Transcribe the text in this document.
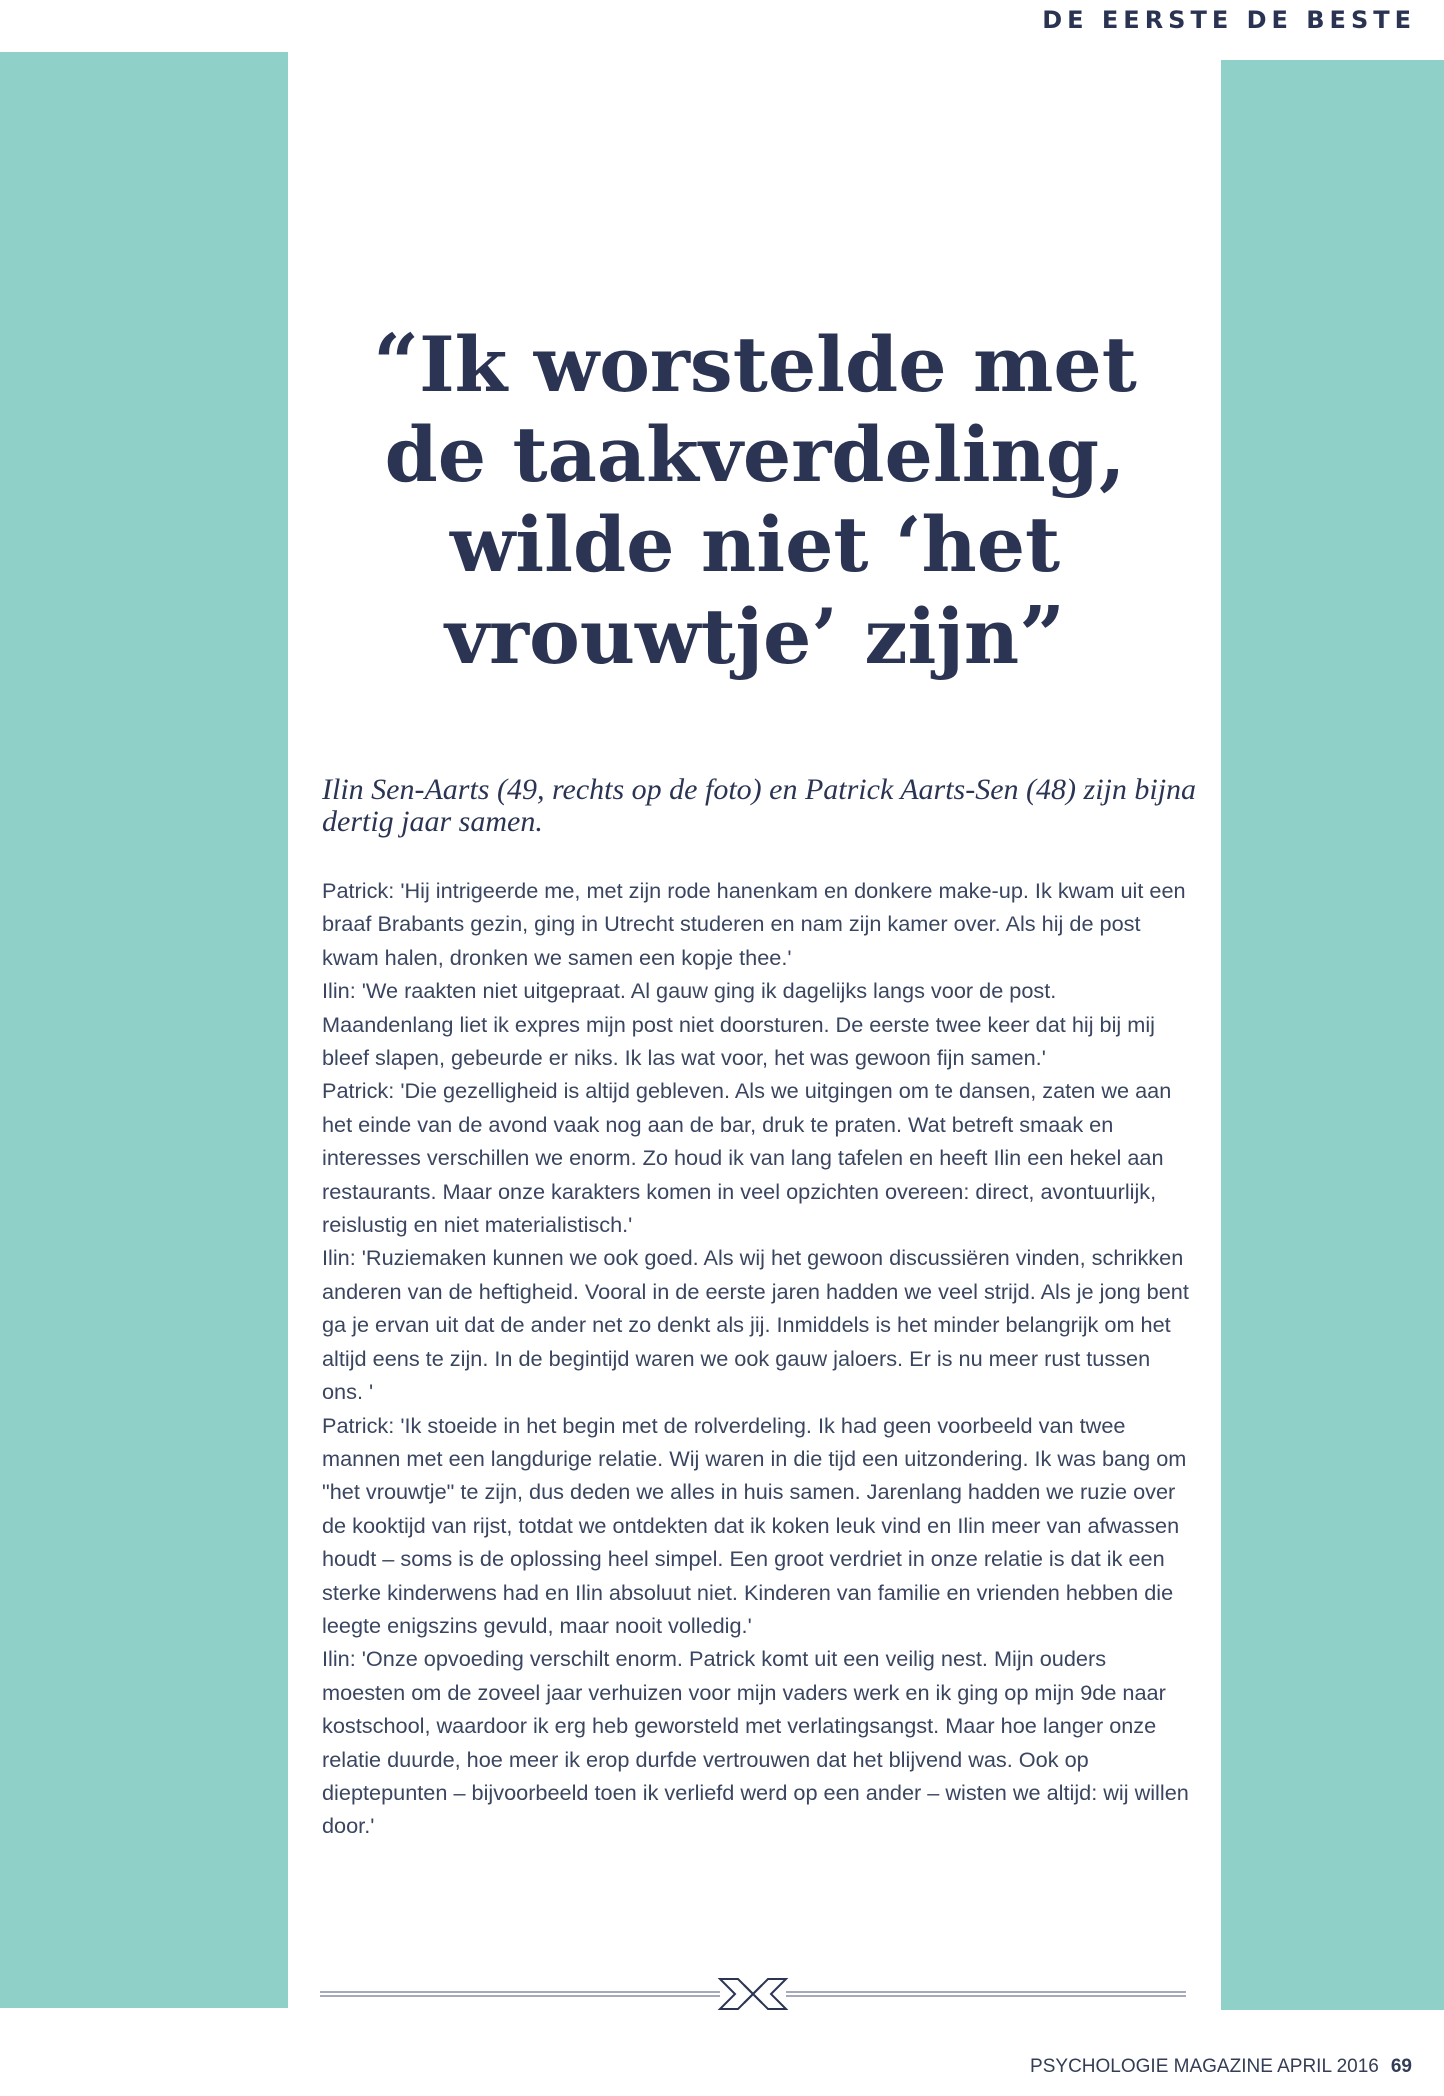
DE EERSTE DE BESTE
“Ik worstelde met
de taakverdeling,
wilde niet ‘het
vrouwtje’ zijn”

Ilin Sen-Aarts (49, rechts op de foto) en Patrick Aarts-Sen (48) zijn bijna dertig jaar samen.

Patrick: 'Hij intrigeerde me, met zijn rode hanenkam en donkere make-up. Ik kwam uit een braaf Brabants gezin, ging in Utrecht studeren en nam zijn kamer over. Als hij de post kwam halen, dronken we samen een kopje thee.'

Ilin: 'We raakten niet uitgepraat. Al gauw ging ik dagelijks langs voor de post. Maandenlang liet ik expres mijn post niet doorsturen. De eerste twee keer dat hij bij mij bleef slapen, gebeurde er niks. Ik las wat voor, het was gewoon fijn samen.'

Patrick: 'Die gezelligheid is altijd gebleven. Als we uitgingen om te dansen, zaten we aan het einde van de avond vaak nog aan de bar, druk te praten. Wat betreft smaak en interesses verschillen we enorm. Zo houd ik van lang tafelen en heeft Ilin een hekel aan restaurants. Maar onze karakters komen in veel opzichten overeen: direct, avontuurlijk, reislustig en niet materialistisch.'

Ilin: 'Ruziemaken kunnen we ook goed. Als wij het gewoon discussiëren vinden, schrikken anderen van de heftigheid. Vooral in de eerste jaren hadden we veel strijd. Als je jong bent ga je ervan uit dat de ander net zo denkt als jij. Inmiddels is het minder belangrijk om het altijd eens te zijn. In de begintijd waren we ook gauw jaloers. Er is nu meer rust tussen ons. '

Patrick: 'Ik stoeide in het begin met de rolverdeling. Ik had geen voorbeeld van twee mannen met een langdurige relatie. Wij waren in die tijd een uitzondering. Ik was bang om "het vrouwtje" te zijn, dus deden we alles in huis samen. Jarenlang hadden we ruzie over de kooktijd van rijst, totdat we ontdekten dat ik koken leuk vind en Ilin meer van afwassen houdt – soms is de oplossing heel simpel. Een groot verdriet in onze relatie is dat ik een sterke kinderwens had en Ilin absoluut niet. Kinderen van familie en vrienden hebben die leegte enigszins gevuld, maar nooit volledig.'

Ilin: 'Onze opvoeding verschilt enorm. Patrick komt uit een veilig nest. Mijn ouders moesten om de zoveel jaar verhuizen voor mijn vaders werk en ik ging op mijn 9de naar kostschool, waardoor ik erg heb geworsteld met verlatingsangst. Maar hoe langer onze relatie duurde, hoe meer ik erop durfde vertrouwen dat het blijvend was. Ook op dieptepunten – bijvoorbeeld toen ik verliefd werd op een ander – wisten we altijd: wij willen door.'

PSYCHOLOGIE MAGAZINE APRIL 2016 69
